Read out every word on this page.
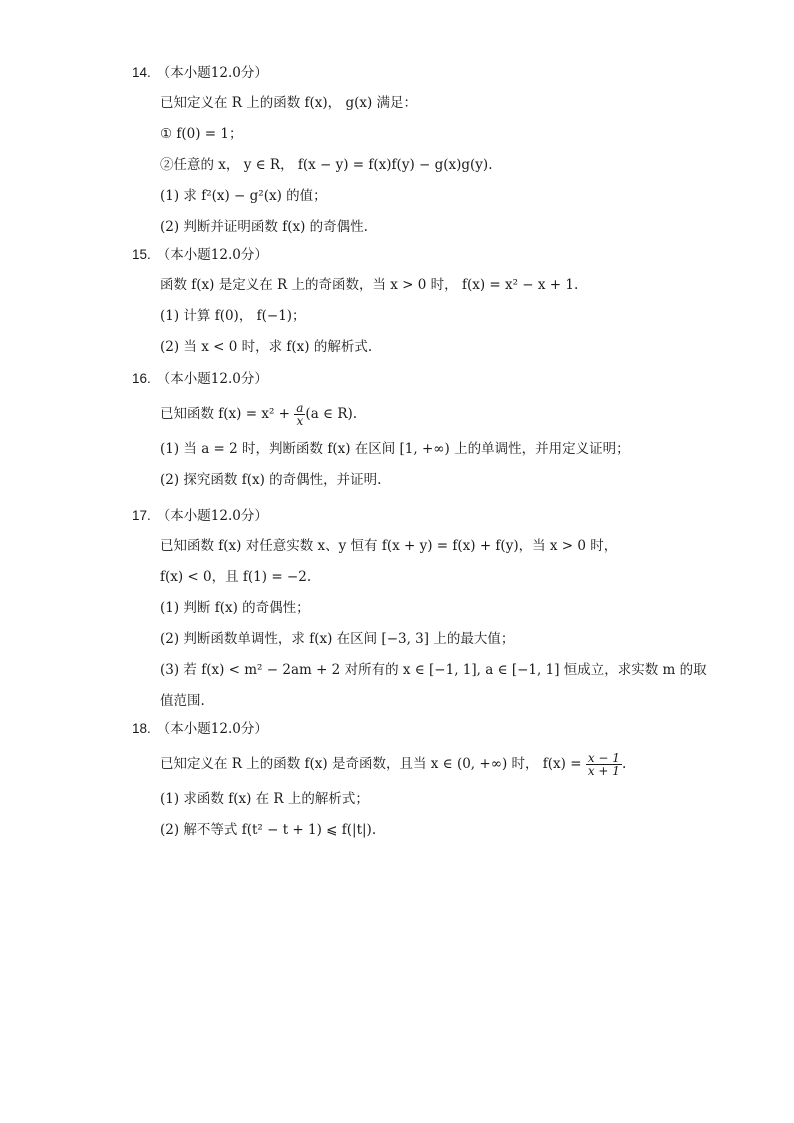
14. （本小题12.0分）
已知定义在 R 上的函数 f(x)， g(x) 满足：
① f(0) = 1；
②任意的 x， y ∈ R， f(x − y) = f(x)f(y) − g(x)g(y).
(1) 求 f²(x) − g²(x) 的值；
(2) 判断并证明函数 f(x) 的奇偶性.
15. （本小题12.0分）
函数 f(x) 是定义在 R 上的奇函数，当 x > 0 时， f(x) = x² − x + 1.
(1) 计算 f(0)， f(−1)；
(2) 当 x < 0 时，求 f(x) 的解析式.
16. （本小题12.0分）
已知函数 $f(x) = x^2 + \frac{a}{x} (a$ ∈ R).
(1) 当 a = 2 时，判断函数 f(x) 在区间 [1, +∞) 上的单调性，并用定义证明；
(2) 探究函数 f(x) 的奇偶性，并证明.
17. （本小题12.0分）
已知函数 f(x) 对任意实数 x、y 恒有 f(x + y) = f(x) + f(y)，当 x > 0 时，
f(x) < 0，且 f(1) = −2.
(1) 判断 f(x) 的奇偶性；
(2) 判断函数单调性，求 f(x) 在区间 [−3, 3] 上的最大值；
(3) 若 f(x) < m² − 2am + 2 对所有的 x ∈ [−1, 1], a ∈ [−1, 1] 恒成立，求实数 m 的取
值范围.
18. （本小题12.0分）
已知定义在 R 上的函数 f(x) 是奇函数，且当 x ∈ (0, +∞) 时， $f(x) = \frac{x - 1}{x + 1}$ .
(1) 求函数 f(x) 在 R 上的解析式；
(2) 解不等式 f(t² − t + 1) ⩽ f(|t|).
